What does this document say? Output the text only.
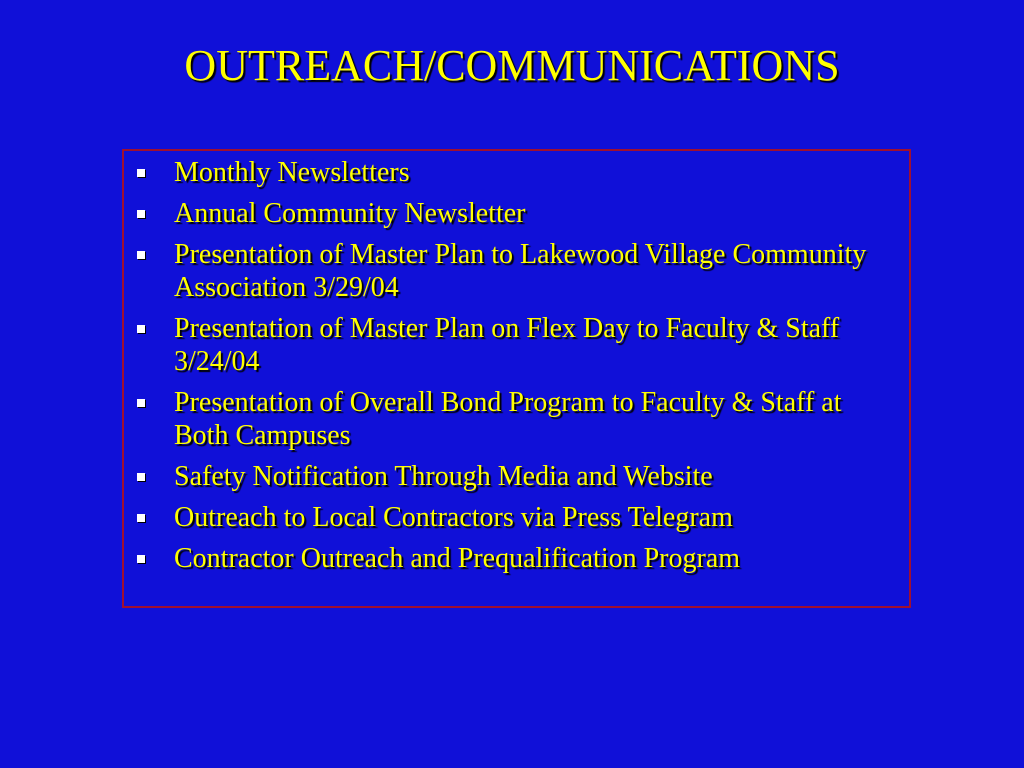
OUTREACH/COMMUNICATIONS
Monthly Newsletters
Annual Community Newsletter
Presentation of Master Plan to Lakewood Village Community Association 3/29/04
Presentation of Master Plan on Flex Day to Faculty & Staff 3/24/04
Presentation of Overall Bond Program to Faculty & Staff at Both Campuses
Safety Notification Through Media and Website
Outreach to Local Contractors via Press Telegram
Contractor Outreach and Prequalification Program
